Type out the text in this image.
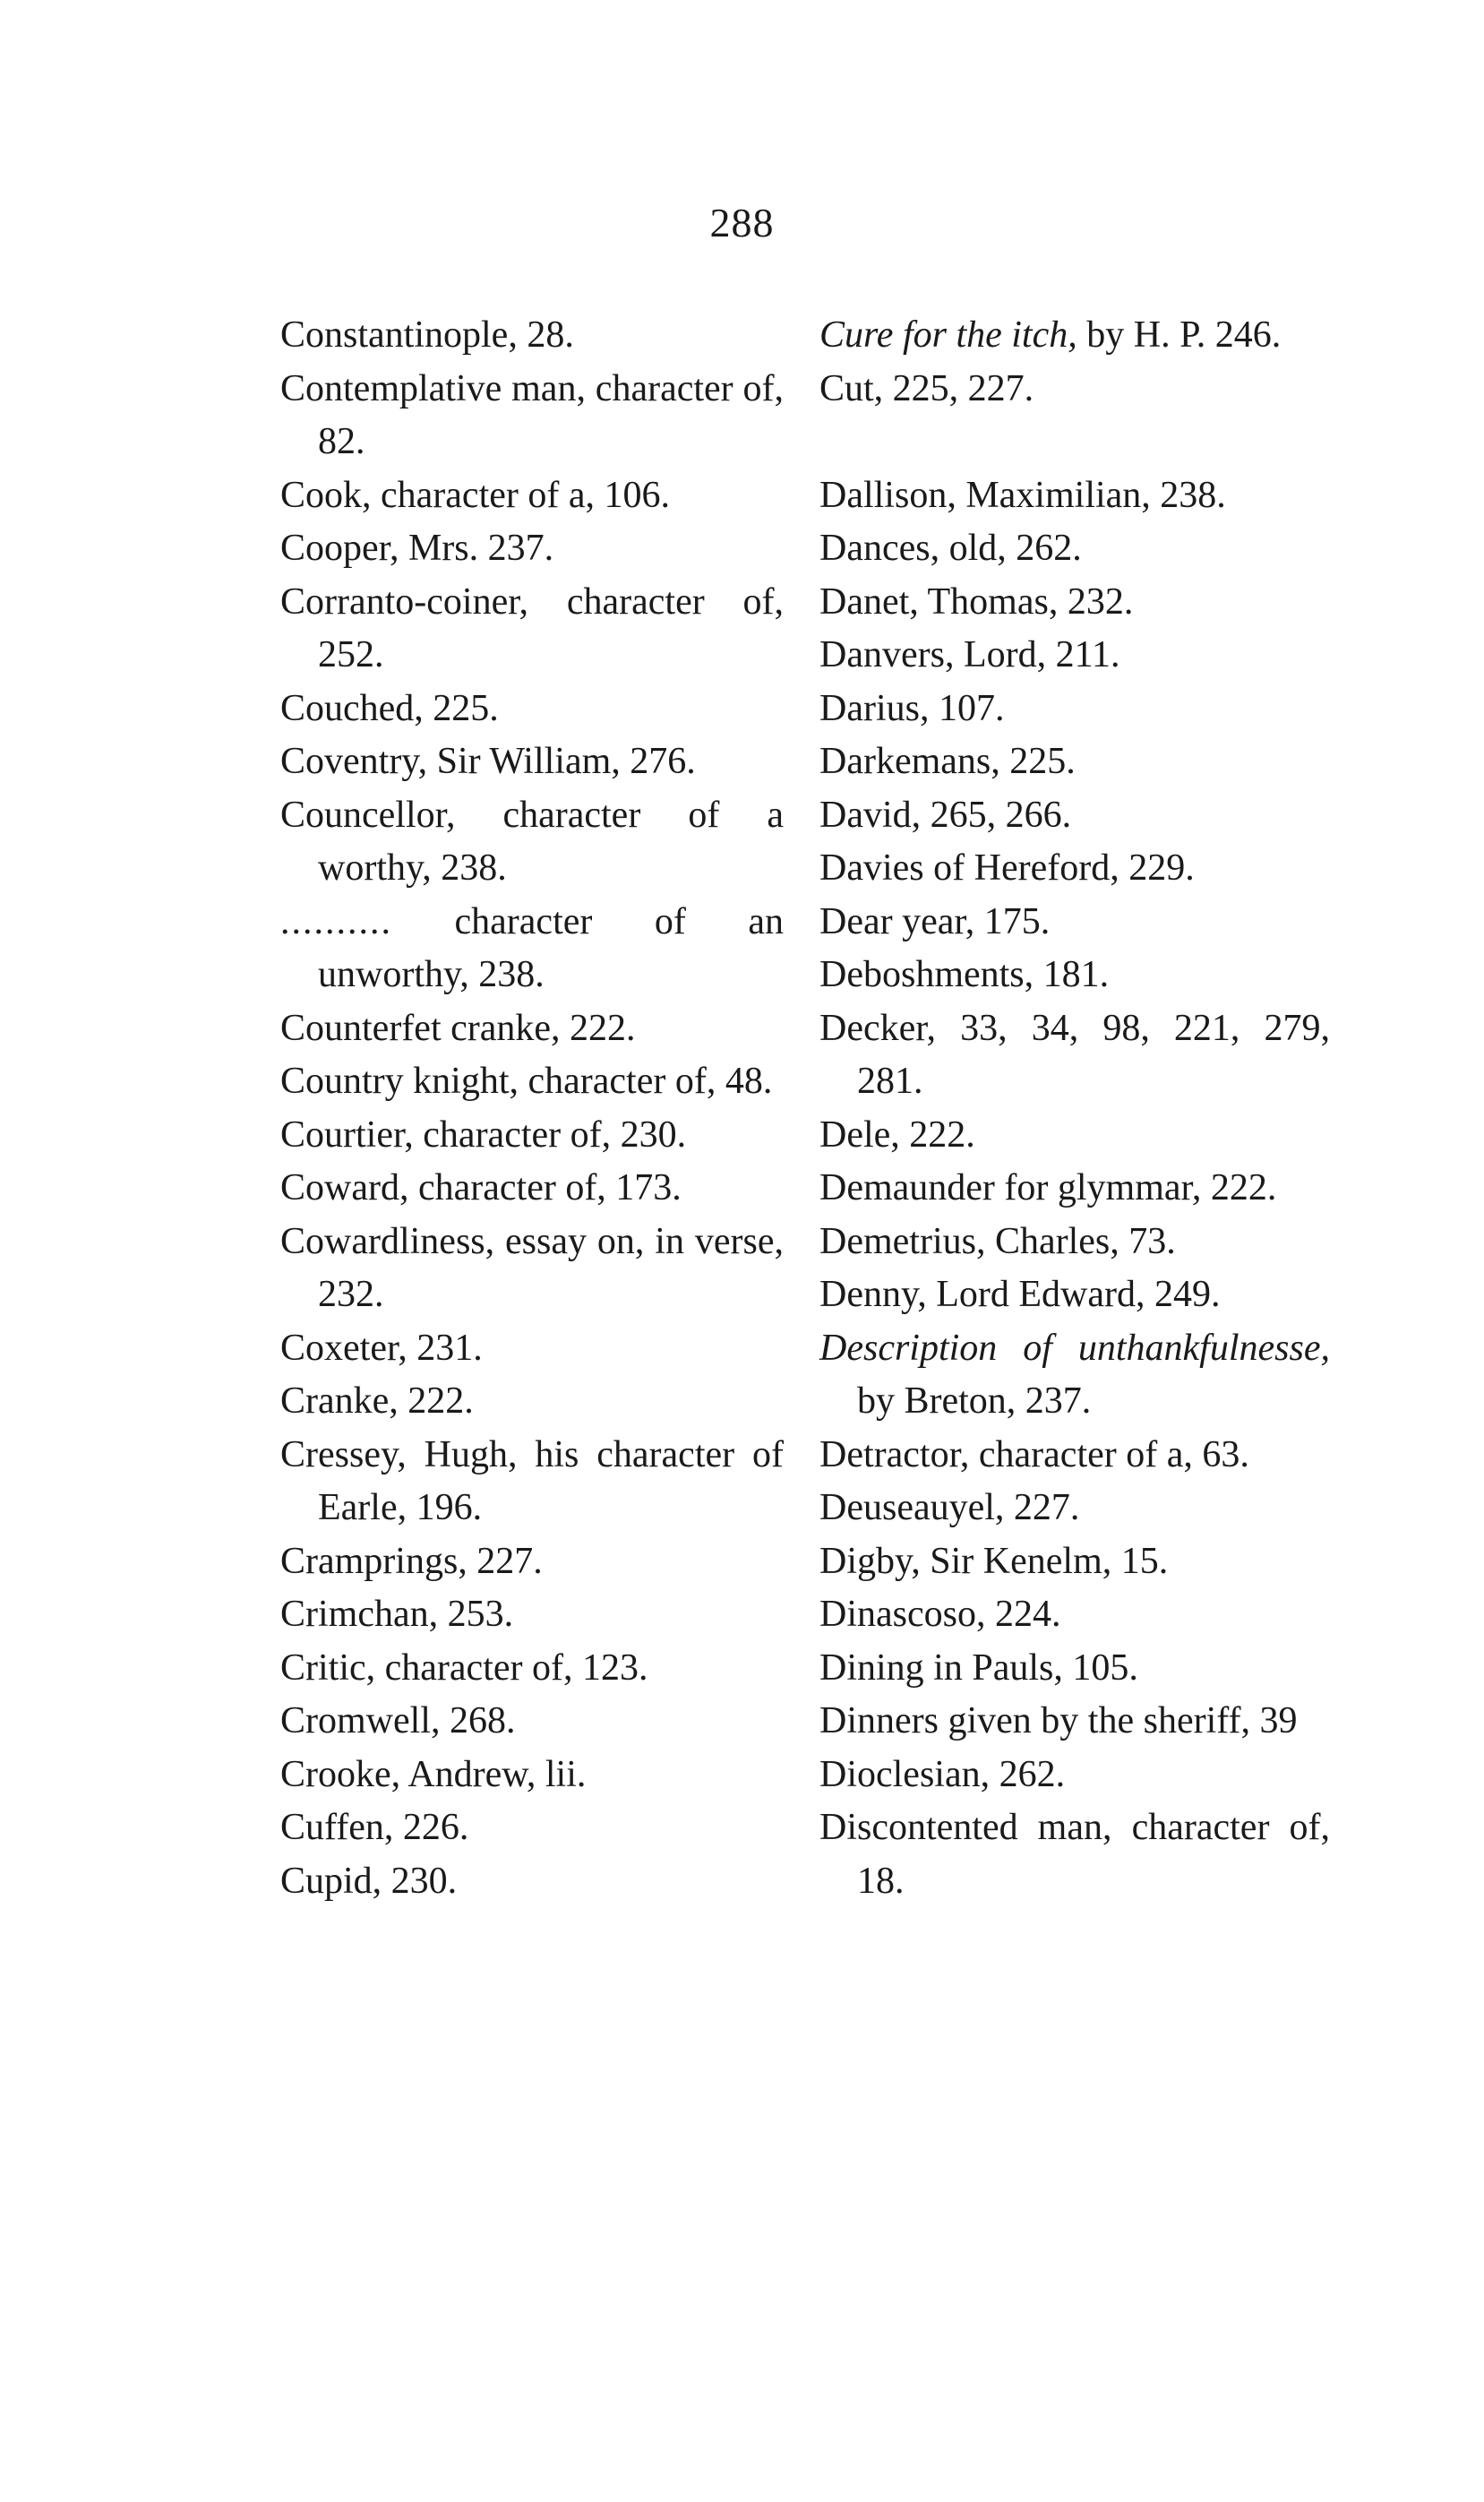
288

Constantinople, 28.

Contemplative man, character of, 82.

Cook, character of a, 106.

Cooper, Mrs. 237.

Corranto-coiner, character of, 252.

Couched, 225.

Coventry, Sir William, 276.

Councellor, character of a worthy, 238.

.......... character of an unworthy, 238.

Counterfet cranke, 222.

Country knight, character of, 48.

Courtier, character of, 230.

Coward, character of, 173.

Cowardliness, essay on, in verse, 232.

Coxeter, 231.

Cranke, 222.

Cressey, Hugh, his character of Earle, 196.

Cramprings, 227.

Crimchan, 253.

Critic, character of, 123.

Cromwell, 268.

Crooke, Andrew, lii.

Cuffen, 226.

Cupid, 230.

Cure for the itch, by H. P. 246.

Cut, 225, 227.

Dallison, Maximilian, 238.

Dances, old, 262.

Danet, Thomas, 232.

Danvers, Lord, 211.

Darius, 107.

Darkemans, 225.

David, 265, 266.

Davies of Hereford, 229.

Dear year, 175.

Deboshments, 181.

Decker, 33, 34, 98, 221, 279, 281.

Dele, 222.

Demaunder for glymmar, 222.

Demetrius, Charles, 73.

Denny, Lord Edward, 249.

Description of unthankfulnesse, by Breton, 237.

Detractor, character of a, 63.

Deuseauyel, 227.

Digby, Sir Kenelm, 15.

Dinascoso, 224.

Dining in Pauls, 105.

Dinners given by the sheriff, 39

Dioclesian, 262.

Discontented man, character of, 18.
